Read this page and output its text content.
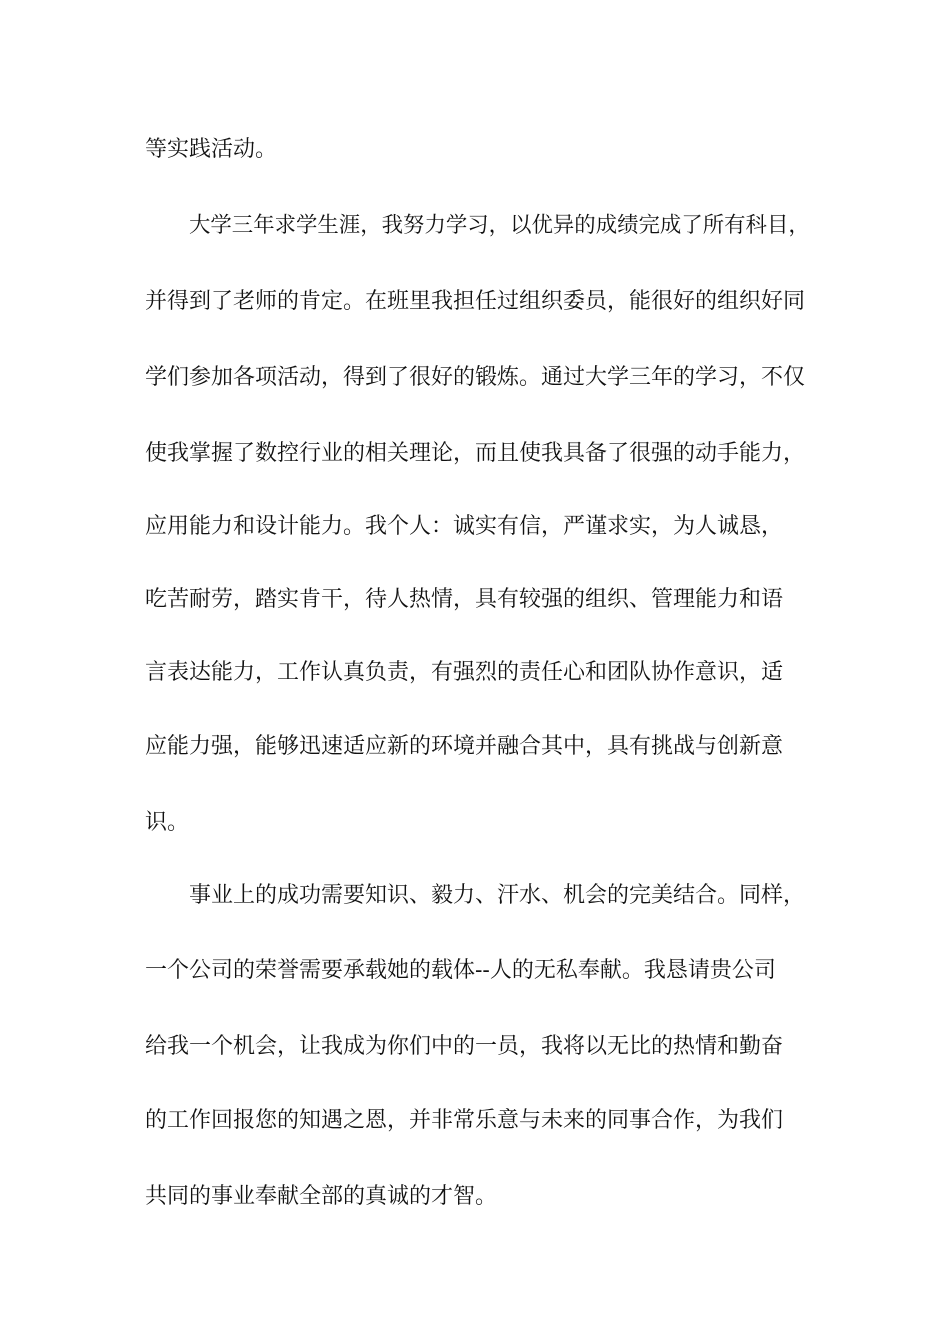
等实践活动。
大学三年求学生涯，我努力学习，以优异的成绩完成了所有科目，
并得到了老师的肯定。在班里我担任过组织委员，能很好的组织好同
学们参加各项活动，得到了很好的锻炼。通过大学三年的学习，不仅
使我掌握了数控行业的相关理论，而且使我具备了很强的动手能力，
应用能力和设计能力。我个人：诚实有信，严谨求实，为人诚恳，
吃苦耐劳，踏实肯干，待人热情，具有较强的组织、管理能力和语
言表达能力，工作认真负责，有强烈的责任心和团队协作意识，适
应能力强，能够迅速适应新的环境并融合其中，具有挑战与创新意
识。
事业上的成功需要知识、毅力、汗水、机会的完美结合。同样，
一个公司的荣誉需要承载她的载体--人的无私奉献。我恳请贵公司
给我一个机会，让我成为你们中的一员，我将以无比的热情和勤奋
的工作回报您的知遇之恩，并非常乐意与未来的同事合作，为我们
共同的事业奉献全部的真诚的才智。
